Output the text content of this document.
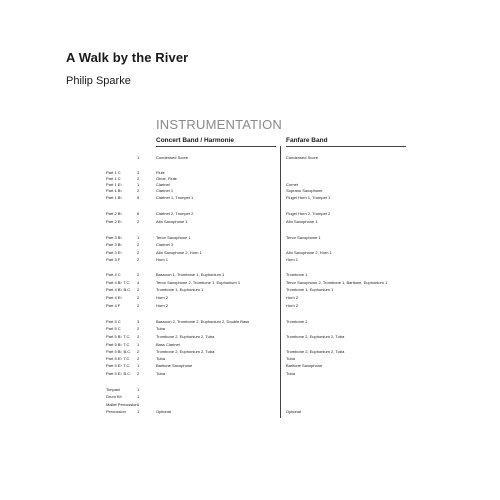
A Walk by the River
Philip Sparke
INSTRUMENTATION
Concert Band / Harmonie	Fanfare Band
1	Condensed Score	Condensed Score
Part 1 C	3	Flute
Part 1 C	2	Oboe, Flute
Part 1 E♭	1	Clarinet	Cornet
Part 1 B♭	2	Clarinet 1	Soprano Saxophone
Part 1 B♭	5	Clarinet 1, Trumpet 1	Flugel Horn 1, Trumpet 1
Part 2 B♭	6	Clarinet 2, Trumpet 2	Flugel Horn 2, Trumpet 2
Part 2 E♭	2	Alto Saxophone 1	Alto Saxophone 1
Part 3 B♭	1	Tenor Saxophone 1	Tenor Saxophone 1
Part 3 B♭	2	Clarinet 3
Part 3 E♭	2	Alto Saxophone 2, Horn 1	Alto Saxophone 2, Horn 1
Part 3 F	2	Horn 1	Horn 1
Part 4 C	2	Bassoon 1, Trombone 1, Euphonium 1	Trombone 1
Part 4 B♭ T.C. 4	Tenor Saxophone 2, Trombone 1, Euphonium 1	Tenor Saxophone 2, Trombone 1, Baritone, Euphonium 1
Part 4 B♭ B.C. 2	Trombone 1, Euphonium 1	Trombone 1, Euphonium 1
Part 4 E♭	2	Horn 2	Horn 2
Part 4 F	2	Horn 2	Horn 2
Part 5 C	3	Bassoon 2, Trombone 2, Euphonium 2, Double Bass	Trombone 2
Part 5 C	2	Tuba
Part 5 B♭ T.C. 2	Trombone 2, Euphonium 2, Tuba	Trombone 2, Euphonium 2, Tuba
Part 5 B♭ T.C. 1	Bass Clarinet
Part 5 B♭ B.C. 2	Trombone 2, Euphonium 2, Tuba	Trombone 2, Euphonium 2, Tuba
Part 5 E♭ T.C. 2	Tuba	Tuba
Part 5 E♭ T.C. 1	Baritone Saxophone	Baritone Saxophone
Part 5 E♭ B.C. 2	Tuba	Tuba
Timpani	1
Drum Kit	1
Mallet Percussion 1
Percussion	1	Optional	Optional
